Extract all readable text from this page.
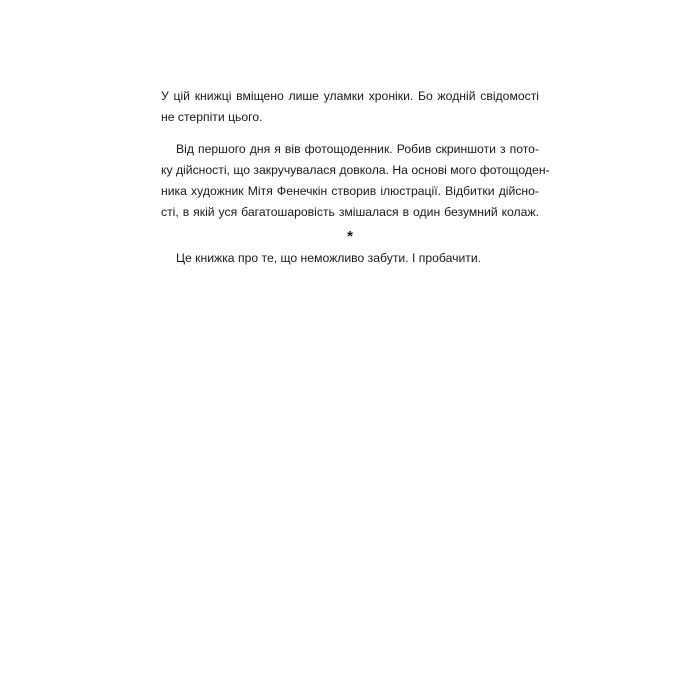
У цій книжці вміщено лише уламки хроніки. Бо жодній свідомості
не стерпіти цього.
Від першого дня я вів фотощоденник. Робив скриншоти з пото-
ку дійсності, що закручувалася довкола. На основі мого фотощоден-
ника художник Мітя Фенечкін створив ілюстрації. Відбитки дійсно-
сті, в якій уся багатошаровість змішалася в один безумний колаж.
*
Це книжка про те, що неможливо забути. І пробачити.
